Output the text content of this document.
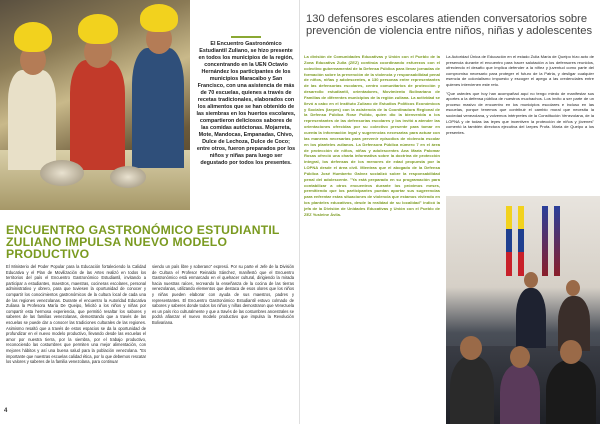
El Encuentro Gastronómico Estudiantil Zuliano, se hizo presente en todos los municipios de la región, concentrando en la UEN Octavio Hernández los participantes de los municipios Maracaibo y San Francisco, con una asistencia de más de 70 escuelas, quienes a través de recetas tradicionales, elaborados con los alimentos que se han obtenido de las siembras en los huertos escolares, compartieron deliciosos sabores de las comidas autóctonas. Mojarreta, Mote, Mandocas, Empanadas, Chivo, Dulce de Lechoza, Dulce de Coco; entre otros, fueron preparados por los niños y niñas para luego ser degustado por todos los presentes.
ENCUENTRO GASTRONÓMICO ESTUDIANTIL ZULIANO IMPULSA NUEVO MODELO PRODUCTIVO
El Ministerio del Poder Popular para la Educación fortaleciendo la Calidad Educativa y el Plan de Movilización de las Artes realizó en todos los territorios del país el Encuentro Gastronómico Estudiantil, invitando a participar a estudiantes, maestros, maestras, cocineras escolares, personal administrativo y obrero, para que tuviesen la oportunidad de conocer y compartir los conocimientos gastronómicos de la cultura local de cada una de las regiones venezolanas. Durante el encuentro la Autoridad Educativa Zuliana la Profesora María De Queipo, felicitó a los niños y niñas por compartir esta hermosa experiencia, que permitió resaltar los sabores y saberes de las familias venezolanas, demostrando que a través de las escuelas se puede dar a conocer las tradiciones culturales de las regiones. Asimismo resaltó que a través de estos espacios se da la oportunidad de profundizar en el nuevo modelo productivo, llevando desde las escuelas el amor por nuestra tierra, por la siembra, por el trabajo productivo, reconociendo las costumbres que permiten una mejor alimentación, con mejores hábitos y así una buena salud para la población venezolana. "Es importante que nuestras escuelas calidad ética, por lo que debemos rescatar los valores y saberes de la familia venezolana, para continuar
siendo un país libre y soberano" expresó. Por su parte el Jefe de la División de Cultura el Profesor Reinaldo Sánchez, manifestó que el Encuentro Gastronómico está enmarcado en el quehacer cultural, dirigiendo la mirada hacia nuestras raíces, recreando la enseñanza de la cocina de las tierras venezolanas, utilizando elementos que destaca de esos olores que los niños y niñas pueden elaborar con ayuda de sus maestros, padres y representantes. El Encuentro Gastronómico Estudiantil estuvo colmado de sabores y saberes donde todos los niños y niñas demostraron que Venezuela es un país rico culturalmente y que a través de las costumbres ancestrales se podrá afianzar el nuevo modelo productivo que impulsa la Revolución Bolivariana.
4
130 defensores escolares atienden conversatorios sobre prevención de violencia entre niños, niñas y adolescentes
La división de Comunidades Educativas y Unión con el Pueblo de la Zona Educativa Zulia (ZEZ) continúa coordinando esfuerzos con el colectivo gubernamental de la Defensa Pública para llevar jornadas de formación sobre la prevención de la violencia y responsabilidad penal de niños, niñas y adolescentes, a 130 personas entre representantes de las defensorías escolares, centro comunitarios de protección y desarrollo estudiantil, orientadores, Movimiento Bolivariano de Familias de diferentes municipios de la región zuliana. La actividad se llevó a cabo en el Instituto Zuliano de Estudios Políticos Económicos y Sociales (Izepes) con la asistencia de la Coordinadora Regional de la Defensa Pública Rose Pulido, quien dio la bienvenida a los representantes de las defensorías escolares y los invitó a atender las orientaciones ofrecidas por su colectivo presente para tomar en cuenta la información legal y sugerencias necesarias para actuar con las maneras necesarias para prevenir episodios de violencia escolar en los planteles zulianos. La Defensora Pública número 7 en el área de protección de niños, niñas y adolescentes Ana María Palomar Rosas ofreció una charla informativa sobre la doctrina de protección integral, los defensas de los menores de edad propuesta por la LOPNA desde el área civil. Mientras que el abogado de la Defensa Pública José Humberto Galvez socializó sobre la responsabilidad penal del adolescente. "Ya está preparado en su programación para contabilizar a otros encuentros durante los próximos meses, permitiendo que los participantes puedan aportar sus sugerencias para enfrentar estas situaciones de violencia que estamos viviendo en los planteles educativos, desde la realidad de su localidad" indicó la jefa de la División de Unidades Educativas y Unión con el Pueblo de ZEZ Yusleine Ávila.

La Autoridad Única de Educación en el estado Zulia María de Queipo hizo acto de presencia durante el encuentro para hacer salutación a los defensores reunidos, ofreciendo el desafío que implica defender a la niñez y juventud como parte del compromiso necesario para proteger el futuro de la Patria, y desligar cualquier esencia de colonialismo impuesto y escoger el apego a las credenciales entre quienes intervienen este reto.

"Que ustedes que hoy han acompañad aquí no tengo miedo de manifestar sus aportes a la defensa pública de nuestros muchachos. Los invito a ser parte de un proceso masivo de encuentro en los municipios escolares e incluso en las escuelas, porque tenemos que contribuir el cambio moral que necesita la sociedad venezolana, y volvemos intérpretes de la Constitución Venezolana, de la LOPNA y de todas las leyes que incentiven la protección de niños y jóvenes" comentó la también directora ejecutiva del Izepes Profa. María de Queipo a los presentes.
